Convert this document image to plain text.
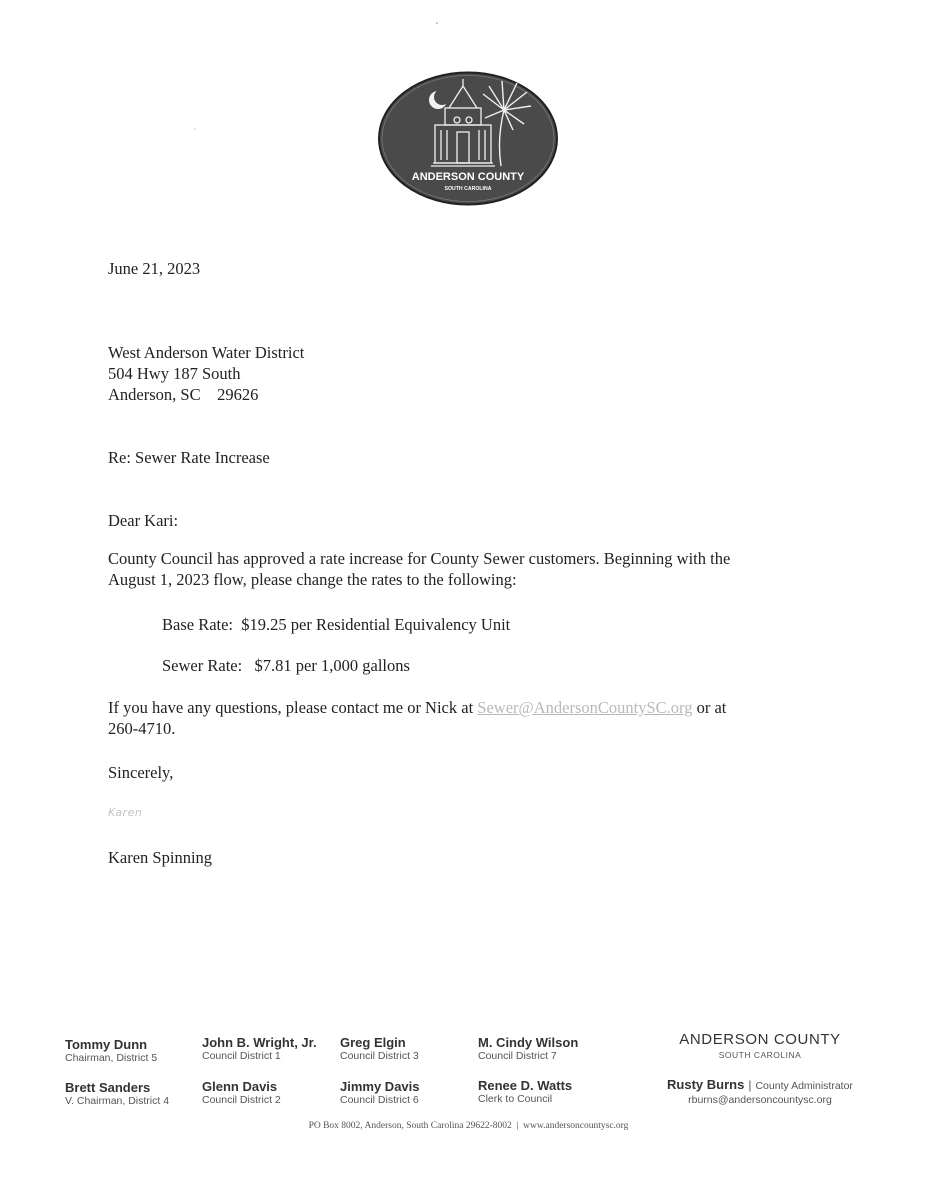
ANDERSON COUNTY
SOUTH CAROLINA
June 21, 2023
West Anderson Water District
504 Hwy 187 South
Anderson, SC    29626
Re: Sewer Rate Increase
Dear Kari:
County Council has approved a rate increase for County Sewer customers. Beginning with the
August 1, 2023 flow, please change the rates to the following:
Base Rate:  $19.25 per Residential Equivalency Unit
Sewer Rate:   $7.81 per 1,000 gallons
If you have any questions, please contact me or Nick at Sewer@AndersonCountySC.org or at
260-4710.
Sincerely,
Karen
Karen Spinning
Tommy Dunn
Chairman, District 5
John B. Wright, Jr.
Council District 1
Greg Elgin
Council District 3
M. Cindy Wilson
Council District 7
Brett Sanders
V. Chairman, District 4
Glenn Davis
Council District 2
Jimmy Davis
Council District 6
Renee D. Watts
Clerk to Council
ANDERSON COUNTY
SOUTH CAROLINA
Rusty Burns | County Administrator
rburns@andersoncountysc.org
PO Box 8002, Anderson, South Carolina 29622-8002  |  www.andersoncountysc.org
